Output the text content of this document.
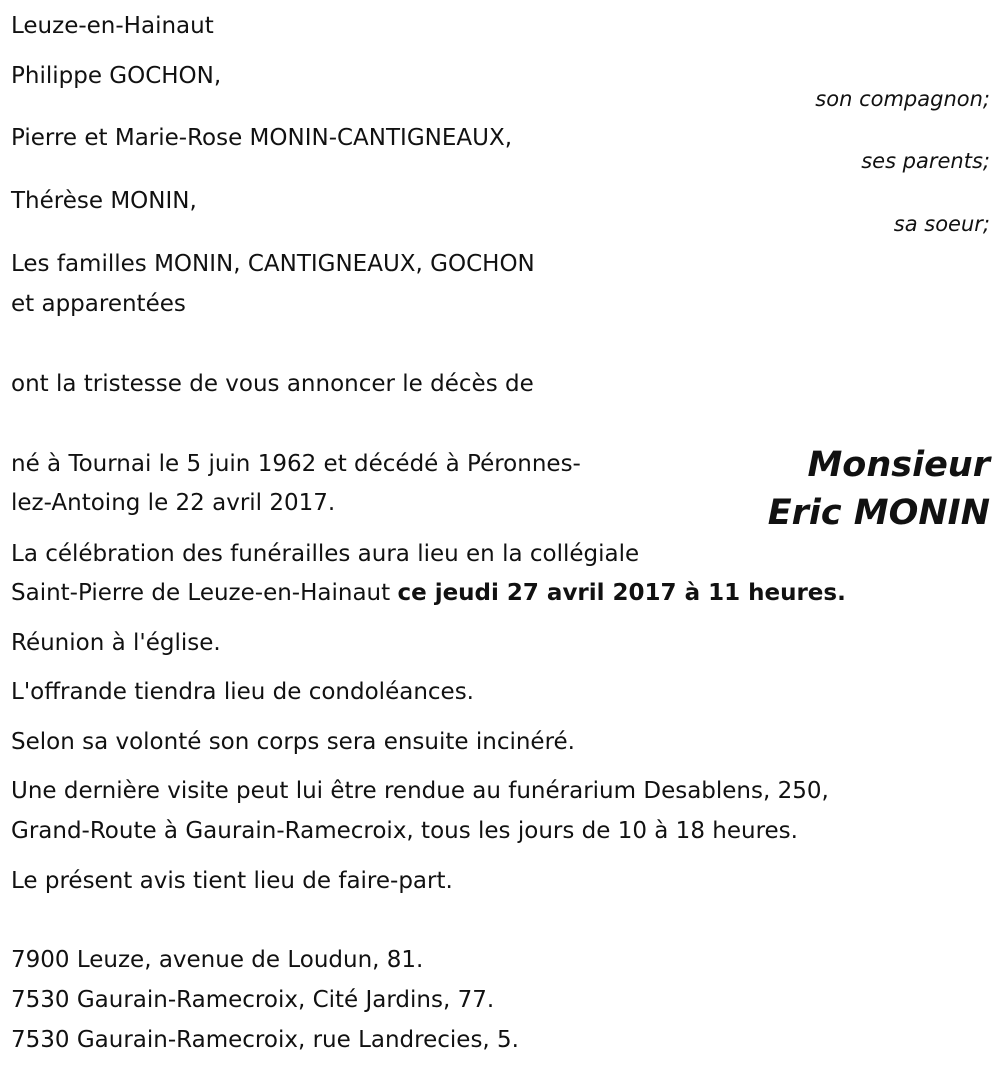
Leuze-en-Hainaut
Philippe GOCHON,
son compagnon;
Pierre et Marie-Rose MONIN-CANTIGNEAUX,
ses parents;
Thérèse MONIN,
sa soeur;
Les familles MONIN, CANTIGNEAUX, GOCHON
et apparentées
ont la tristesse de vous annoncer le décès de
Monsieur
Eric MONIN
né à Tournai le 5 juin 1962 et décédé à Péronnes-
lez-Antoing le 22 avril 2017.
La célébration des funérailles aura lieu en la collégiale
Saint-Pierre de Leuze-en-Hainaut ce jeudi 27 avril 2017 à 11 heures.
Réunion à l'église.
L'offrande tiendra lieu de condoléances.
Selon sa volonté son corps sera ensuite incinéré.
Une dernière visite peut lui être rendue au funérarium Desablens, 250,
Grand-Route à Gaurain-Ramecroix, tous les jours de 10 à 18 heures.
Le présent avis tient lieu de faire-part.
7900 Leuze, avenue de Loudun, 81.
7530 Gaurain-Ramecroix, Cité Jardins, 77.
7530 Gaurain-Ramecroix, rue Landrecies, 5.
